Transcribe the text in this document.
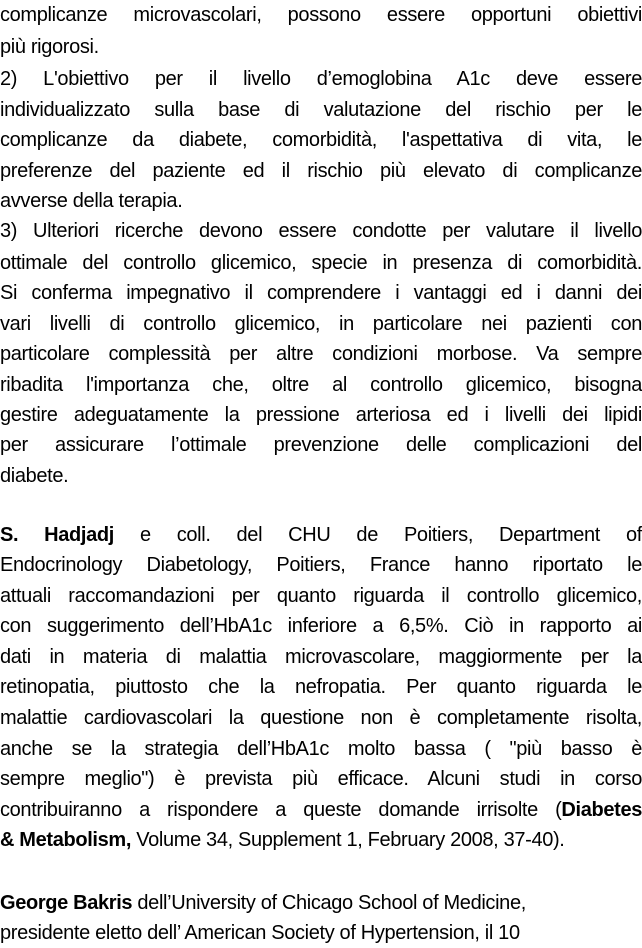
complicanze microvascolari, possono essere opportuni obiettivi
più rigorosi.
2) L'obiettivo per il livello d’emoglobina A1c deve essere
individualizzato sulla base di valutazione del rischio per le
complicanze da diabete, comorbidità, l'aspettativa di vita, le
preferenze del paziente ed il rischio più elevato di complicanze
avverse della terapia.
3) Ulteriori ricerche devono essere condotte per valutare il livello
ottimale del controllo glicemico, specie in presenza di comorbidità.
Si conferma impegnativo il comprendere i vantaggi ed i danni dei
vari livelli di controllo glicemico, in particolare nei pazienti con
particolare complessità per altre condizioni morbose. Va sempre
ribadita l'importanza che, oltre al controllo glicemico, bisogna
gestire adeguatamente la pressione arteriosa ed i livelli dei lipidi
per assicurare l’ottimale prevenzione delle complicazioni del
diabete.
S. Hadjadj e coll. del CHU de Poitiers, Department of
Endocrinology Diabetology, Poitiers, France hanno riportato le
attuali raccomandazioni per quanto riguarda il controllo glicemico,
con suggerimento dell’HbA1c inferiore a 6,5%. Ciò in rapporto ai
dati in materia di malattia microvascolare, maggiormente per la
retinopatia, piuttosto che la nefropatia. Per quanto riguarda le
malattie cardiovascolari la questione non è completamente risolta,
anche se la strategia dell’HbA1c molto bassa ( "più basso è
sempre meglio") è prevista più efficace. Alcuni studi in corso
contribuiranno a rispondere a queste domande irrisolte (Diabetes
& Metabolism, Volume 34, Supplement 1, February 2008, 37-40).
George Bakris dell’University of Chicago School of Medicine,
presidente eletto dell’ American Society of Hypertension, il 10
